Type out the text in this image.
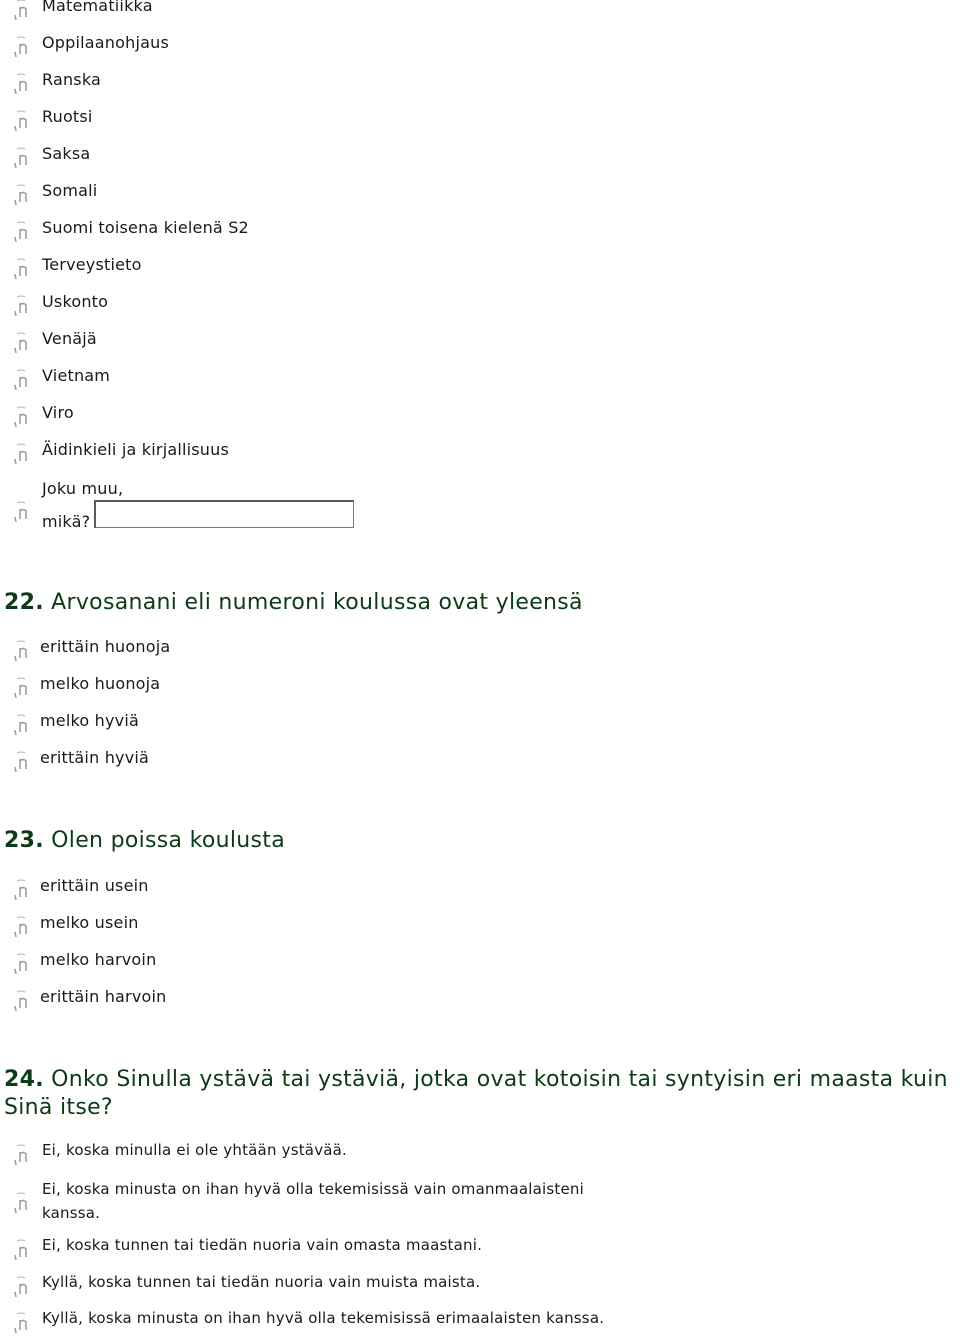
Matematiikka
Oppilaanohjaus
Ranska
Ruotsi
Saksa
Somali
Suomi toisena kielenä S2
Terveystieto
Uskonto
Venäjä
Vietnam
Viro
Äidinkieli ja kirjallisuus
Joku muu,
mikä?
22. Arvosanani eli numeroni koulussa ovat yleensä
erittäin huonoja
melko huonoja
melko hyviä
erittäin hyviä
23. Olen poissa koulusta
erittäin usein
melko usein
melko harvoin
erittäin harvoin
24. Onko Sinulla ystävä tai ystäviä, jotka ovat kotoisin tai syntyisin eri maasta kuin
Sinä itse?
Ei, koska minulla ei ole yhtään ystävää.
Ei, koska minusta on ihan hyvä olla tekemisissä vain omanmaalaisteni kanssa.
Ei, koska tunnen tai tiedän nuoria vain omasta maastani.
Kyllä, koska tunnen tai tiedän nuoria vain muista maista.
Kyllä, koska minusta on ihan hyvä olla tekemisissä erimaalaisten kanssa.
